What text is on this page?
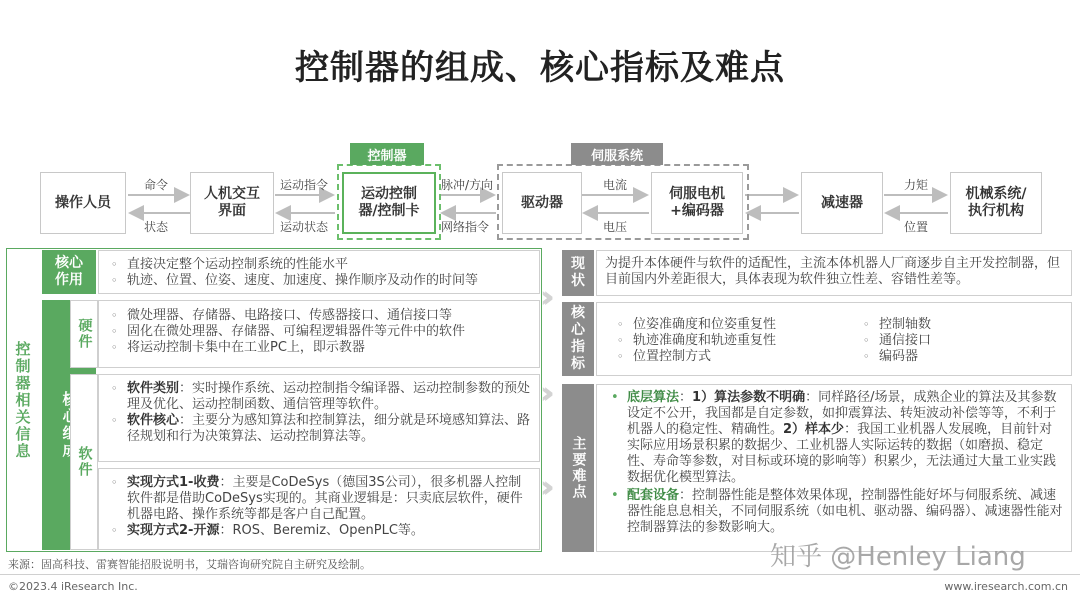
控制器的组成、核心指标及难点
控制器	伺服系统
操作人员
人机交互
界面
运动控制
器/控制卡
驱动器
伺服电机
+编码器
减速器
机械系统/
执行机构
命令
状态
运动指令
运动状态
脉冲/方向
网络指令
电流
电压
力矩
位置
控制器相关信息
核心作用
◦ 直接决定整个运动控制系统的性能水平
◦ 轨迹、位置、位姿、速度、加速度、操作顺序及动作的时间等
硬件
◦ 微处理器、存储器、电路接口、传感器接口、通信接口等
◦ 固化在微处理器、存储器、可编程逻辑器件等元件中的软件
◦ 将运动控制卡集中在工业PC上，即示教器
软件
◦ 软件类别：实时操作系统、运动控制指令编译器、运动控制参数的预处理及优化、运动控制函数、通信管理等软件。
◦ 软件核心：主要分为感知算法和控制算法，细分就是环境感知算法、路径规划和行为决策算法、运动控制算法等。
◦ 实现方式1-收费：主要是CoDeSys（德国3S公司），很多机器人控制软件都是借助CoDeSys实现的。其商业逻辑是：只卖底层软件，硬件机器电路、操作系统等都是客户自己配置。
◦ 实现方式2-开源：ROS、Beremiz、OpenPLC等。
››
››
››
现状
为提升本体硬件与软件的适配性，主流本体机器人厂商逐步自主开发控制器，但目前国内外差距很大，具体表现为软件独立性差、容错性差等。
核心指标
◦ 位姿准确度和位姿重复性
◦ 轨迹准确度和轨迹重复性
◦ 位置控制方式
◦ 控制轴数
◦ 通信接口
◦ 编码器
主要难点
• 底层算法：1）算法参数不明确：同样路径/场景，成熟企业的算法及其参数设定不公开，我国都是自定参数，如抑震算法、转矩波动补偿等等，不利于机器人的稳定性、精确性。2）样本少：我国工业机器人发展晚，目前针对实际应用场景积累的数据少、工业机器人实际运转的数据（如磨损、稳定性、寿命等参数，对目标或环境的影响等）积累少，无法通过大量工业实践数据优化模型算法。
• 配套设备：控制器性能是整体效果体现，控制器性能好坏与伺服系统、减速器性能息息相关，不同伺服系统（如电机、驱动器、编码器）、减速器性能对控制器算法的参数影响大。
来源：固高科技、雷赛智能招股说明书，艾瑞咨询研究院自主研究及绘制。
©2023.4 iResearch Inc.	www.iresearch.com.cn
知乎 @Henley Liang
